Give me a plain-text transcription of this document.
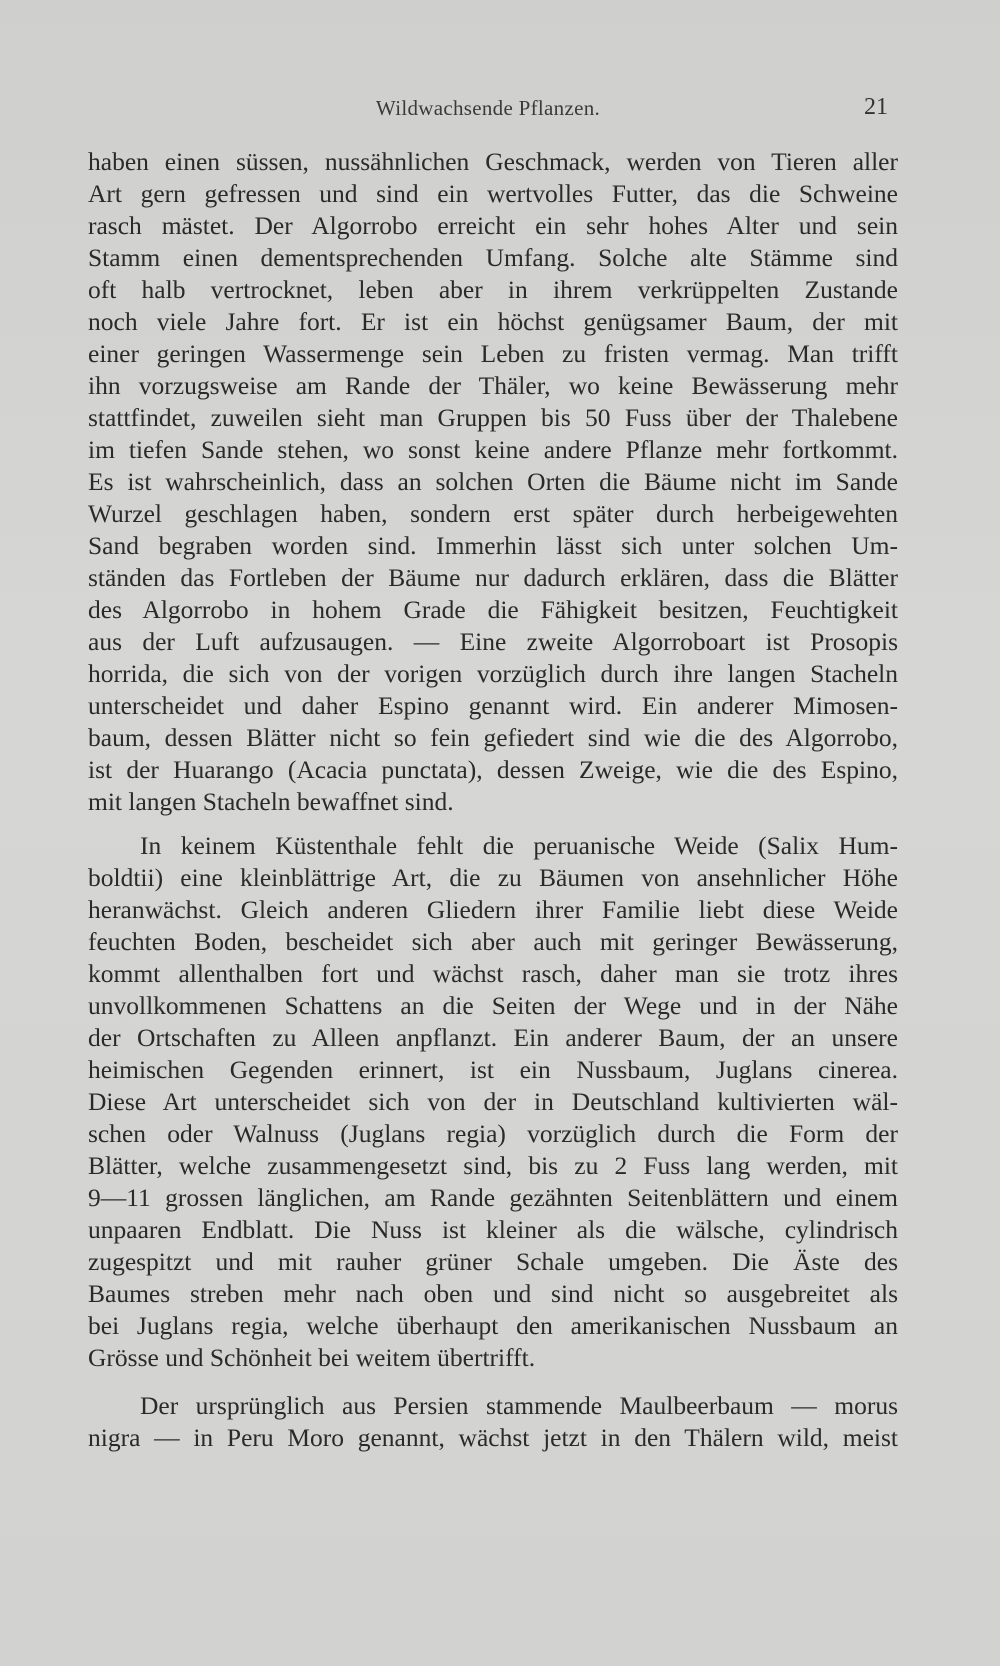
Wildwachsende Pflanzen.	21
haben einen süssen, nussähnlichen Geschmack, werden von Tieren aller
Art gern gefressen und sind ein wertvolles Futter, das die Schweine
rasch mästet. Der Algorrobo erreicht ein sehr hohes Alter und sein
Stamm einen dementsprechenden Umfang. Solche alte Stämme sind
oft halb vertrocknet, leben aber in ihrem verkrüppelten Zustande
noch viele Jahre fort. Er ist ein höchst genügsamer Baum, der mit
einer geringen Wassermenge sein Leben zu fristen vermag. Man trifft
ihn vorzugsweise am Rande der Thäler, wo keine Bewässerung mehr
stattfindet, zuweilen sieht man Gruppen bis 50 Fuss über der Thalebene
im tiefen Sande stehen, wo sonst keine andere Pflanze mehr fortkommt.
Es ist wahrscheinlich, dass an solchen Orten die Bäume nicht im Sande
Wurzel geschlagen haben, sondern erst später durch herbeigewehten
Sand begraben worden sind. Immerhin lässt sich unter solchen Um-
ständen das Fortleben der Bäume nur dadurch erklären, dass die Blätter
des Algorrobo in hohem Grade die Fähigkeit besitzen, Feuchtigkeit
aus der Luft aufzusaugen. — Eine zweite Algorroboart ist Prosopis
horrida, die sich von der vorigen vorzüglich durch ihre langen Stacheln
unterscheidet und daher Espino genannt wird. Ein anderer Mimosen-
baum, dessen Blätter nicht so fein gefiedert sind wie die des Algorrobo,
ist der Huarango (Acacia punctata), dessen Zweige, wie die des Espino,
mit langen Stacheln bewaffnet sind.
In keinem Küstenthale fehlt die peruanische Weide (Salix Hum-
boldtii) eine kleinblättrige Art, die zu Bäumen von ansehnlicher Höhe
heranwächst. Gleich anderen Gliedern ihrer Familie liebt diese Weide
feuchten Boden, bescheidet sich aber auch mit geringer Bewässerung,
kommt allenthalben fort und wächst rasch, daher man sie trotz ihres
unvollkommenen Schattens an die Seiten der Wege und in der Nähe
der Ortschaften zu Alleen anpflanzt. Ein anderer Baum, der an unsere
heimischen Gegenden erinnert, ist ein Nussbaum, Juglans cinerea.
Diese Art unterscheidet sich von der in Deutschland kultivierten wäl-
schen oder Walnuss (Juglans regia) vorzüglich durch die Form der
Blätter, welche zusammengesetzt sind, bis zu 2 Fuss lang werden, mit
9—11 grossen länglichen, am Rande gezähnten Seitenblättern und einem
unpaaren Endblatt. Die Nuss ist kleiner als die wälsche, cylindrisch
zugespitzt und mit rauher grüner Schale umgeben. Die Äste des
Baumes streben mehr nach oben und sind nicht so ausgebreitet als
bei Juglans regia, welche überhaupt den amerikanischen Nussbaum an
Grösse und Schönheit bei weitem übertrifft.
Der ursprünglich aus Persien stammende Maulbeerbaum — morus
nigra — in Peru Moro genannt, wächst jetzt in den Thälern wild, meist
